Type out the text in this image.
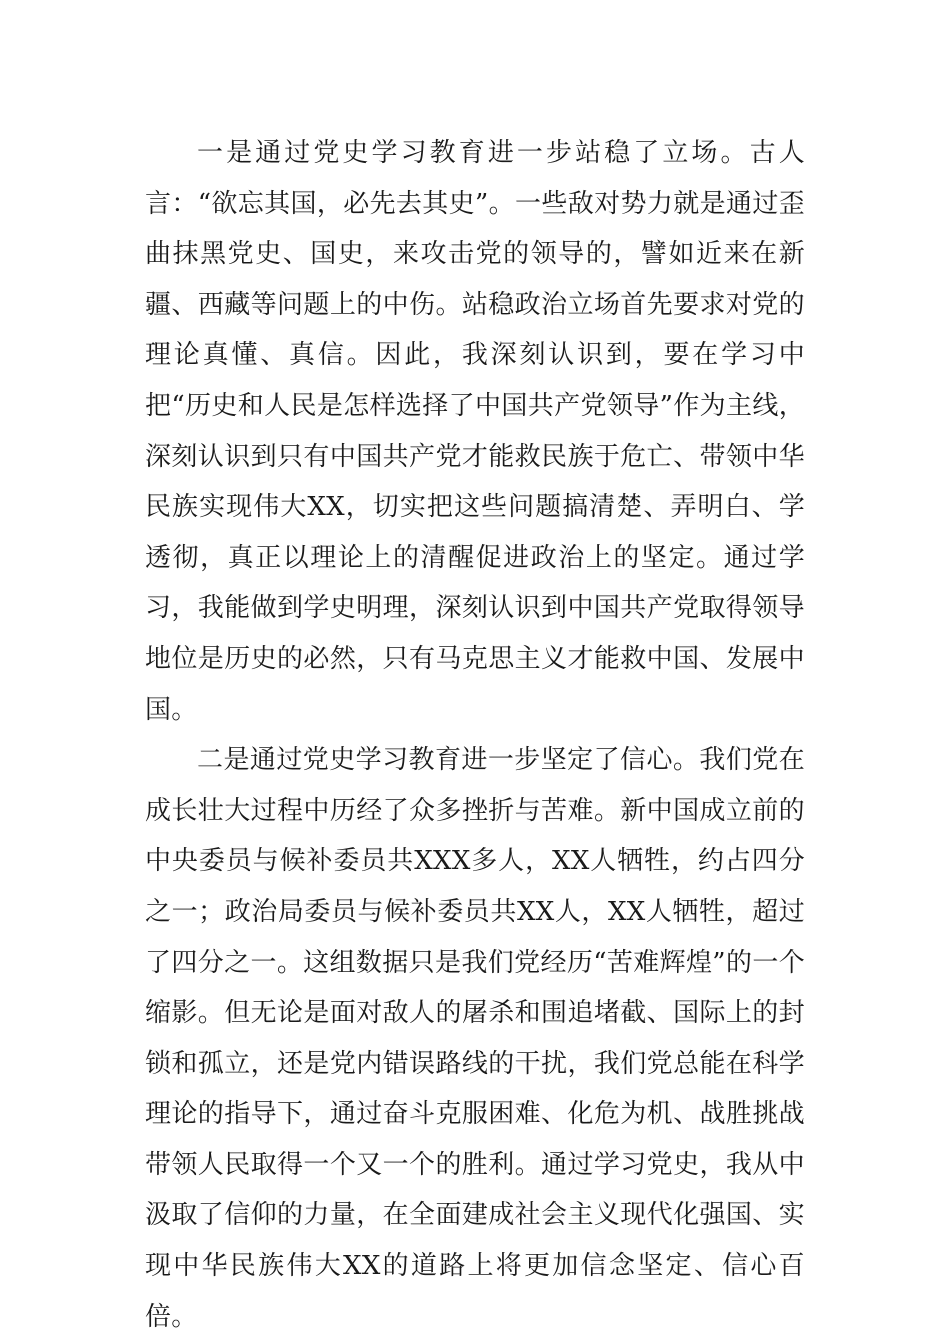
一是通过党史学习教育进一步站稳了立场。古人言：“欲忘其国，必先去其史”。一些敌对势力就是通过歪曲抹黑党史、国史，来攻击党的领导的，譬如近来在新疆、西藏等问题上的中伤。站稳政治立场首先要求对党的理论真懂、真信。因此，我深刻认识到，要在学习中把“历史和人民是怎样选择了中国共产党领导”作为主线，深刻认识到只有中国共产党才能救民族于危亡、带领中华民族实现伟大XX，切实把这些问题搞清楚、弄明白、学透彻，真正以理论上的清醒促进政治上的坚定。通过学习，我能做到学史明理，深刻认识到中国共产党取得领导地位是历史的必然，只有马克思主义才能救中国、发展中国。

二是通过党史学习教育进一步坚定了信心。我们党在成长壮大过程中历经了众多挫折与苦难。新中国成立前的中央委员与候补委员共XXX多人，XX人牺牲，约占四分之一；政治局委员与候补委员共XX人，XX人牺牲，超过了四分之一。这组数据只是我们党经历“苦难辉煌”的一个缩影。但无论是面对敌人的屠杀和围追堵截、国际上的封锁和孤立，还是党内错误路线的干扰，我们党总能在科学理论的指导下，通过奋斗克服困难、化危为机、战胜挑战带领人民取得一个又一个的胜利。通过学习党史，我从中汲取了信仰的力量，在全面建成社会主义现代化强国、实现中华民族伟大XX的道路上将更加信念坚定、信心百倍。
